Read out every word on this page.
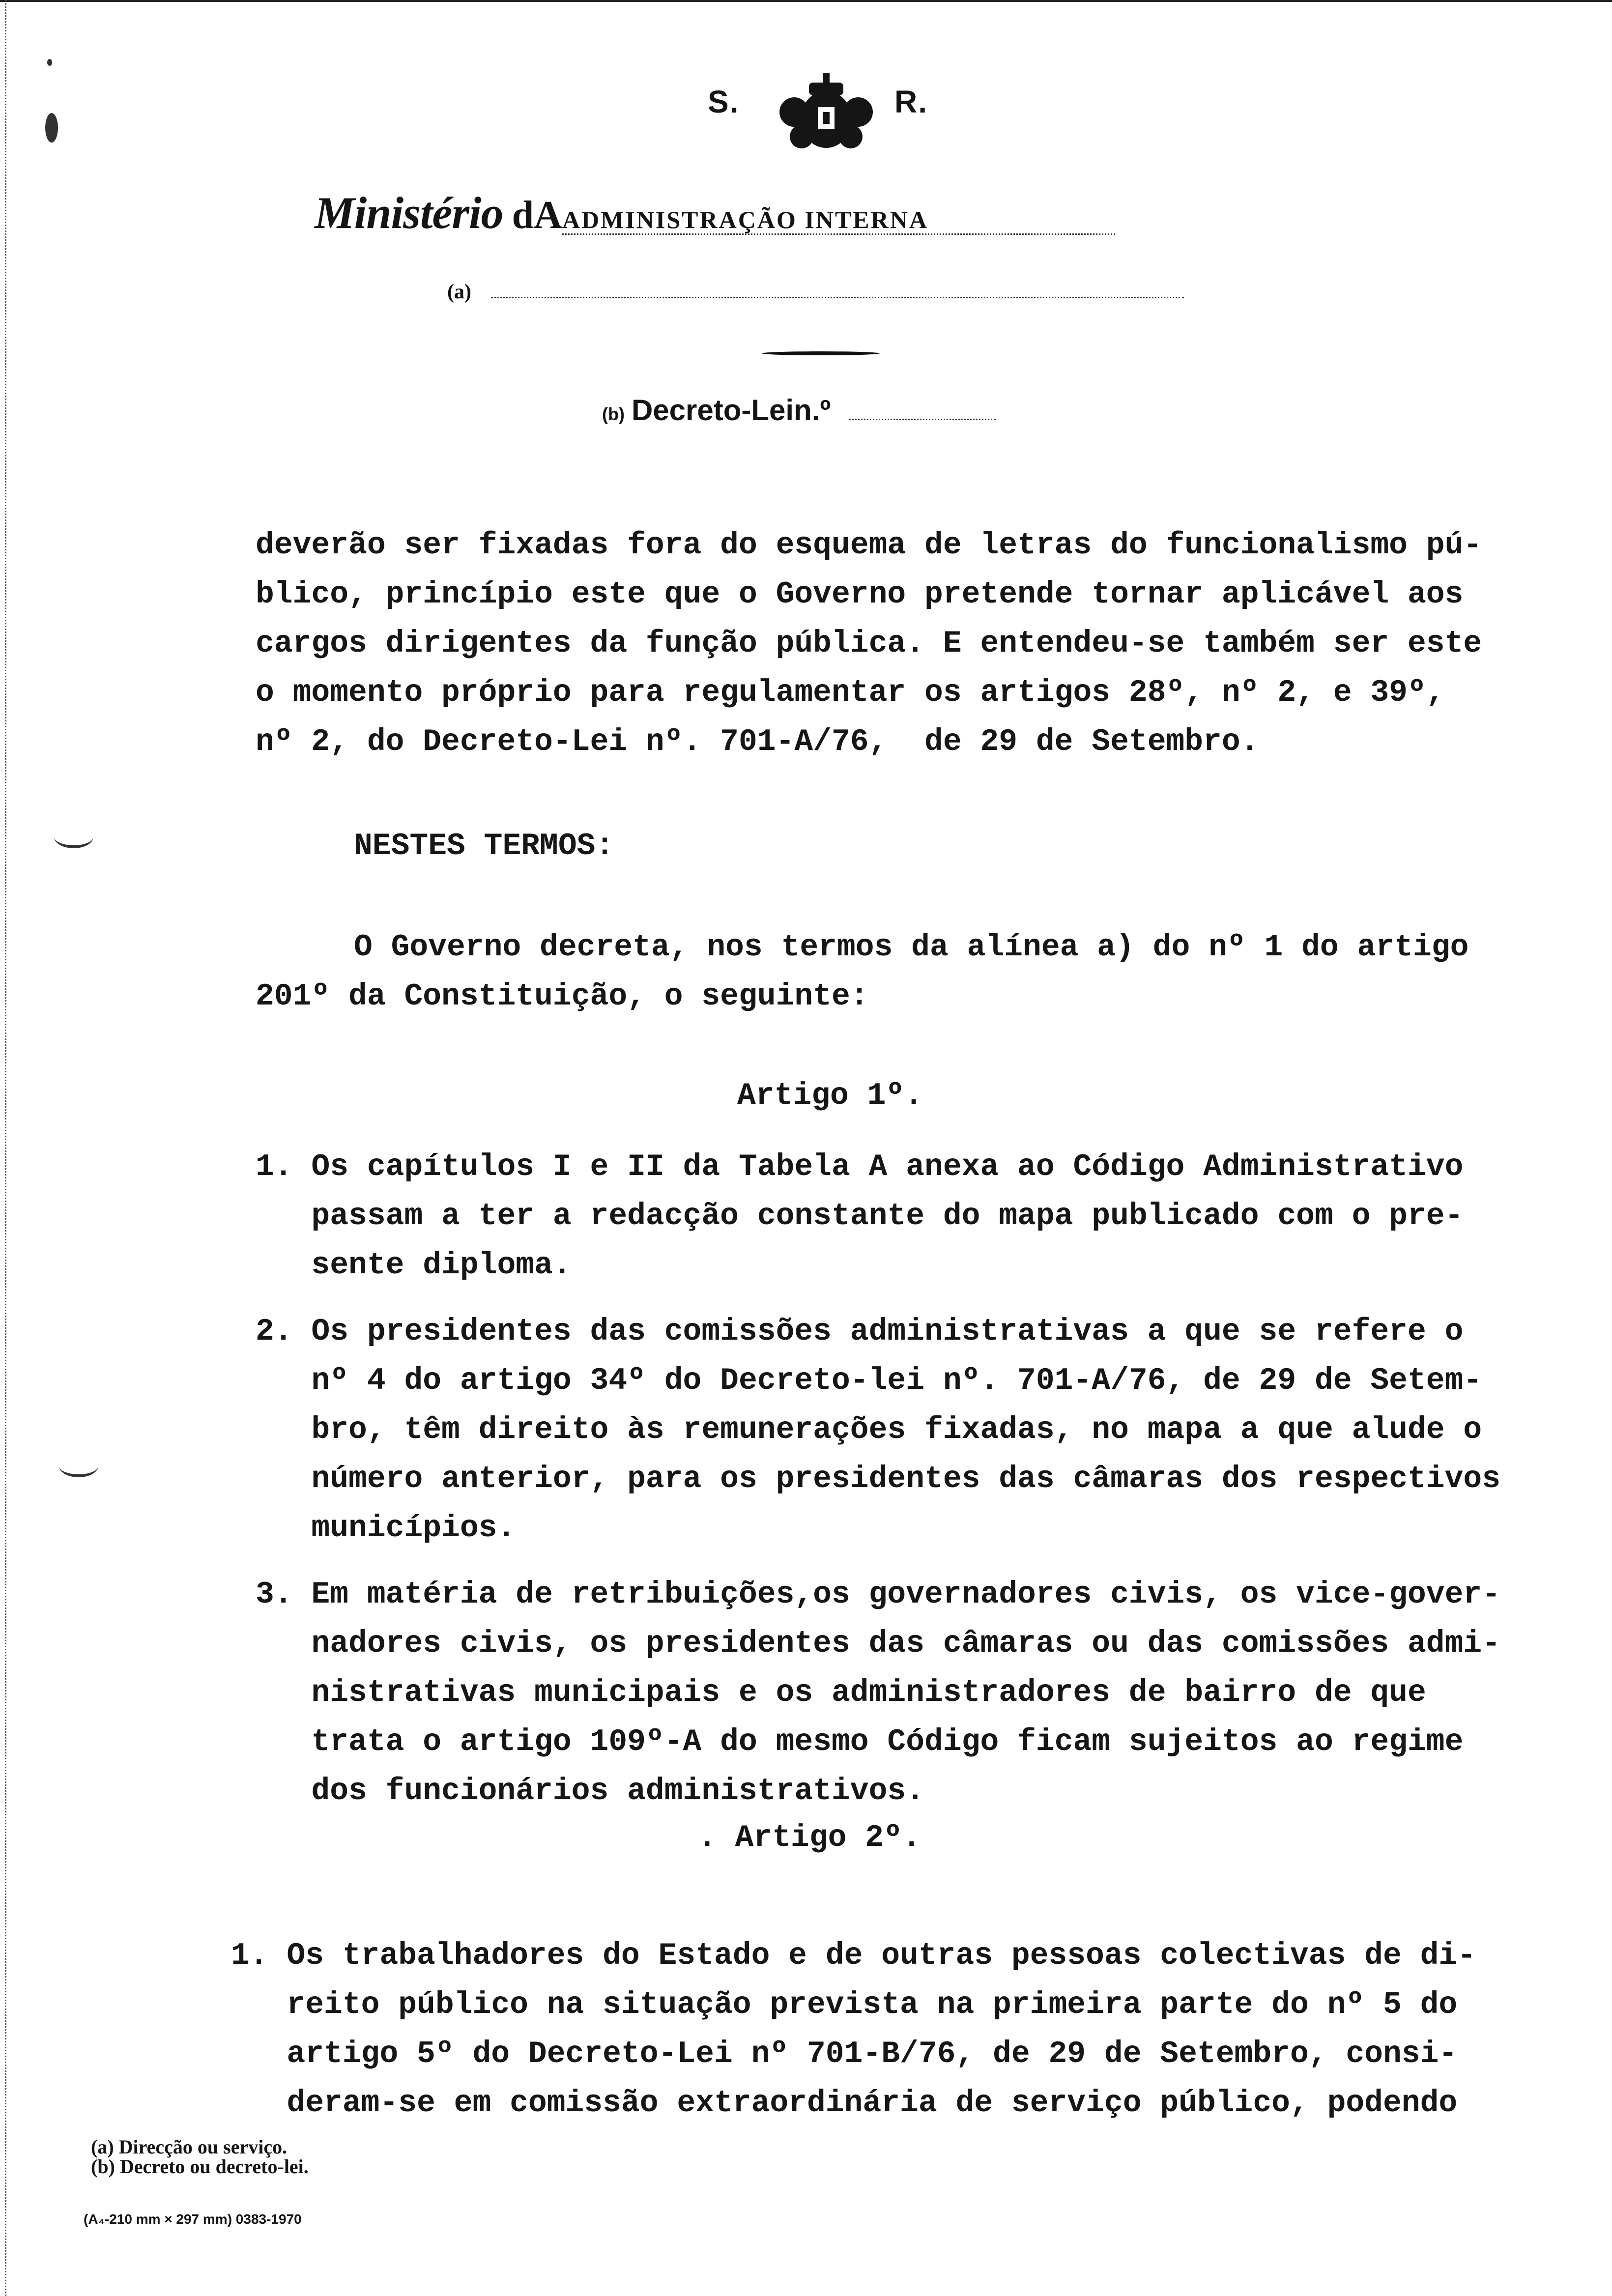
S.	R.
Ministério dAADMINISTRAÇÃO INTERNA
(a)
(b) Decreto-Lein.º
deverão ser fixadas fora do esquema de letras do funcionalismo pú-
blico, princípio este que o Governo pretende tornar aplicável aos
cargos dirigentes da função pública. E entendeu-se também ser este
o momento próprio para regulamentar os artigos 28º, nº 2, e 39º,
nº 2, do Decreto-Lei nº. 701-A/76,  de 29 de Setembro.
NESTES TERMOS:
O Governo decreta, nos termos da alínea a) do nº 1 do artigo
201º da Constituição, o seguinte:
Artigo 1º.
1. Os capítulos I e II da Tabela A anexa ao Código Administrativo
passam a ter a redacção constante do mapa publicado com o pre-
sente diploma.
2. Os presidentes das comissões administrativas a que se refere o
nº 4 do artigo 34º do Decreto-lei nº. 701-A/76, de 29 de Setem-
bro, têm direito às remunerações fixadas, no mapa a que alude o
número anterior, para os presidentes das câmaras dos respectivos
municípios.
3. Em matéria de retribuições,os governadores civis, os vice-gover-
nadores civis, os presidentes das câmaras ou das comissões admi-
nistrativas municipais e os administradores de bairro de que
trata o artigo 109º-A do mesmo Código ficam sujeitos ao regime
dos funcionários administrativos.
. Artigo 2º.
1. Os trabalhadores do Estado e de outras pessoas colectivas de di-
reito público na situação prevista na primeira parte do nº 5 do
artigo 5º do Decreto-Lei nº 701-B/76, de 29 de Setembro, consi-
deram-se em comissão extraordinária de serviço público, podendo
(a) Direcção ou serviço.
(b) Decreto ou decreto-lei.
(A₄-210 mm × 297 mm) 0383-1970
